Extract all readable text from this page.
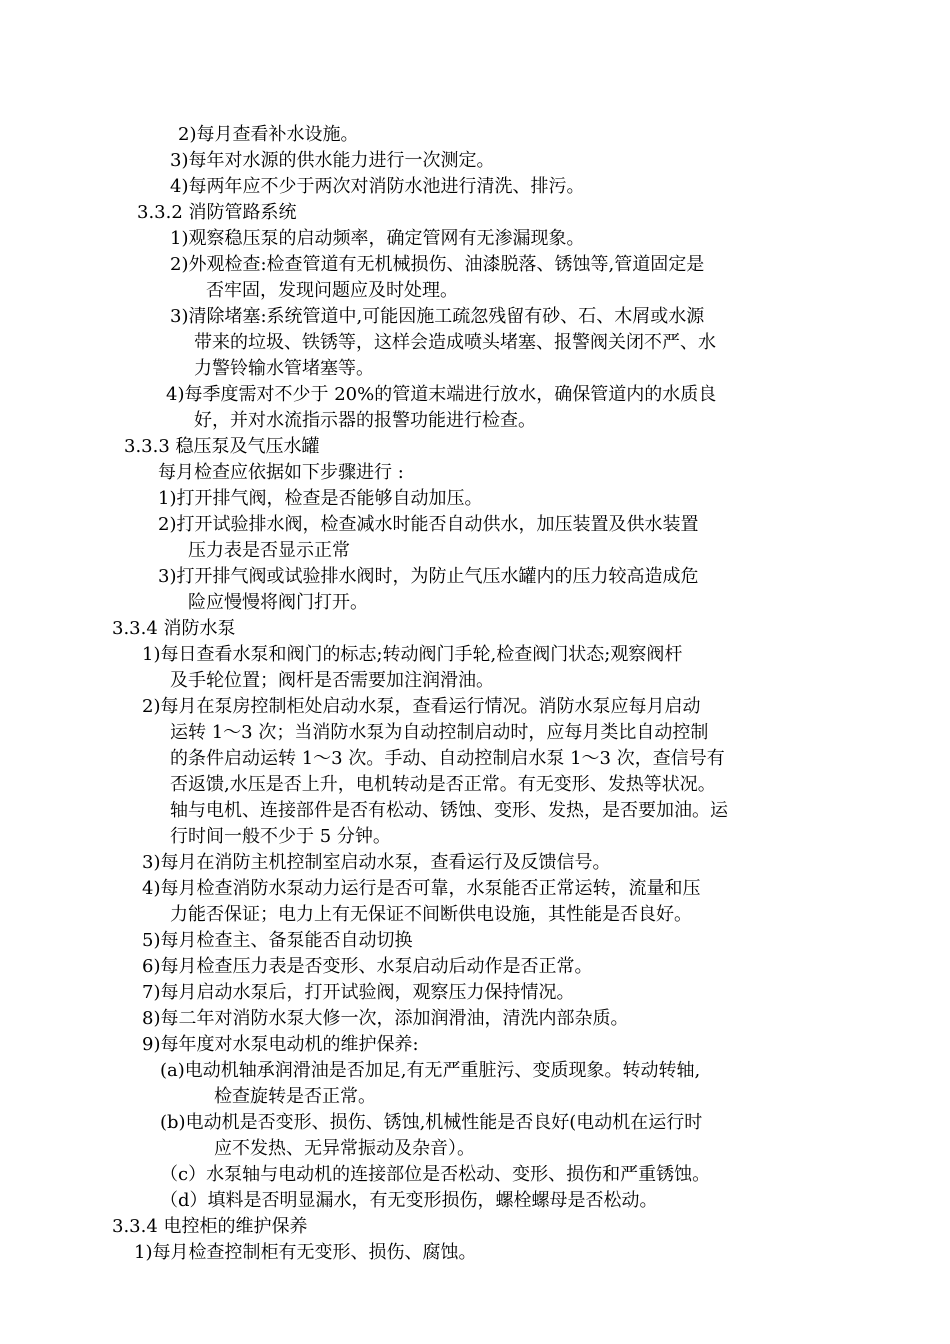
2)每月查看补水设施。

3)每年对水源的供水能力进行一次测定。

4)每两年应不少于两次对消防水池进行清洗、排污。

3.3.2 消防管路系统

1)观察稳压泵的启动频率，确定管网有无渗漏现象。

2)外观检查:检查管道有无机械损伤、油漆脱落、锈蚀等,管道固定是

否牢固，发现问题应及时处理。

3)清除堵塞:系统管道中,可能因施工疏忽残留有砂、石、木屑或水源

带来的垃圾、铁锈等，这样会造成喷头堵塞、报警阀关闭不严、水

力警铃输水管堵塞等。

4)每季度需对不少于 20%的管道末端进行放水，确保管道内的水质良

好，并对水流指示器的报警功能进行检查。

3.3.3 稳压泵及气压水罐

每月检查应依据如下步骤进行 :

1)打开排气阀，检查是否能够自动加压。

2)打开试验排水阀，检查减水时能否自动供水，加压装置及供水装置

压力表是否显示正常

3)打开排气阀或试验排水阀时，为防止气压水罐内的压力较高造成危

险应慢慢将阀门打开。

3.3.4 消防水泵

1)每日查看水泵和阀门的标志;转动阀门手轮,检查阀门状态;观察阀杆

及手轮位置；阀杆是否需要加注润滑油。

2)每月在泵房控制柜处启动水泵，查看运行情况。消防水泵应每月启动

运转 1～3 次；当消防水泵为自动控制启动时，应每月类比自动控制

的条件启动运转 1～3 次。手动、自动控制启水泵 1～3 次，查信号有

否返馈,水压是否上升，电机转动是否正常。有无变形、发热等状况。

轴与电机、连接部件是否有松动、锈蚀、变形、发热，是否要加油。运

行时间一般不少于 5 分钟。

3)每月在消防主机控制室启动水泵，查看运行及反馈信号。

4)每月检查消防水泵动力运行是否可靠，水泵能否正常运转，流量和压

力能否保证；电力上有无保证不间断供电设施，其性能是否良好。

5)每月检查主、备泵能否自动切换

6)每月检查压力表是否变形、水泵启动后动作是否正常。

7)每月启动水泵后，打开试验阀，观察压力保持情况。

8)每二年对消防水泵大修一次，添加润滑油，清洗内部杂质。

9)每年度对水泵电动机的维护保养:

(a)电动机轴承润滑油是否加足,有无严重脏污、变质现象。转动转轴,

检查旋转是否正常。

(b)电动机是否变形、损伤、锈蚀,机械性能是否良好(电动机在运行时

应不发热、无异常振动及杂音）。

（c）水泵轴与电动机的连接部位是否松动、变形、损伤和严重锈蚀。

（d）填料是否明显漏水，有无变形损伤，螺栓螺母是否松动。

3.3.4 电控柜的维护保养

1)每月检查控制柜有无变形、损伤、腐蚀。
